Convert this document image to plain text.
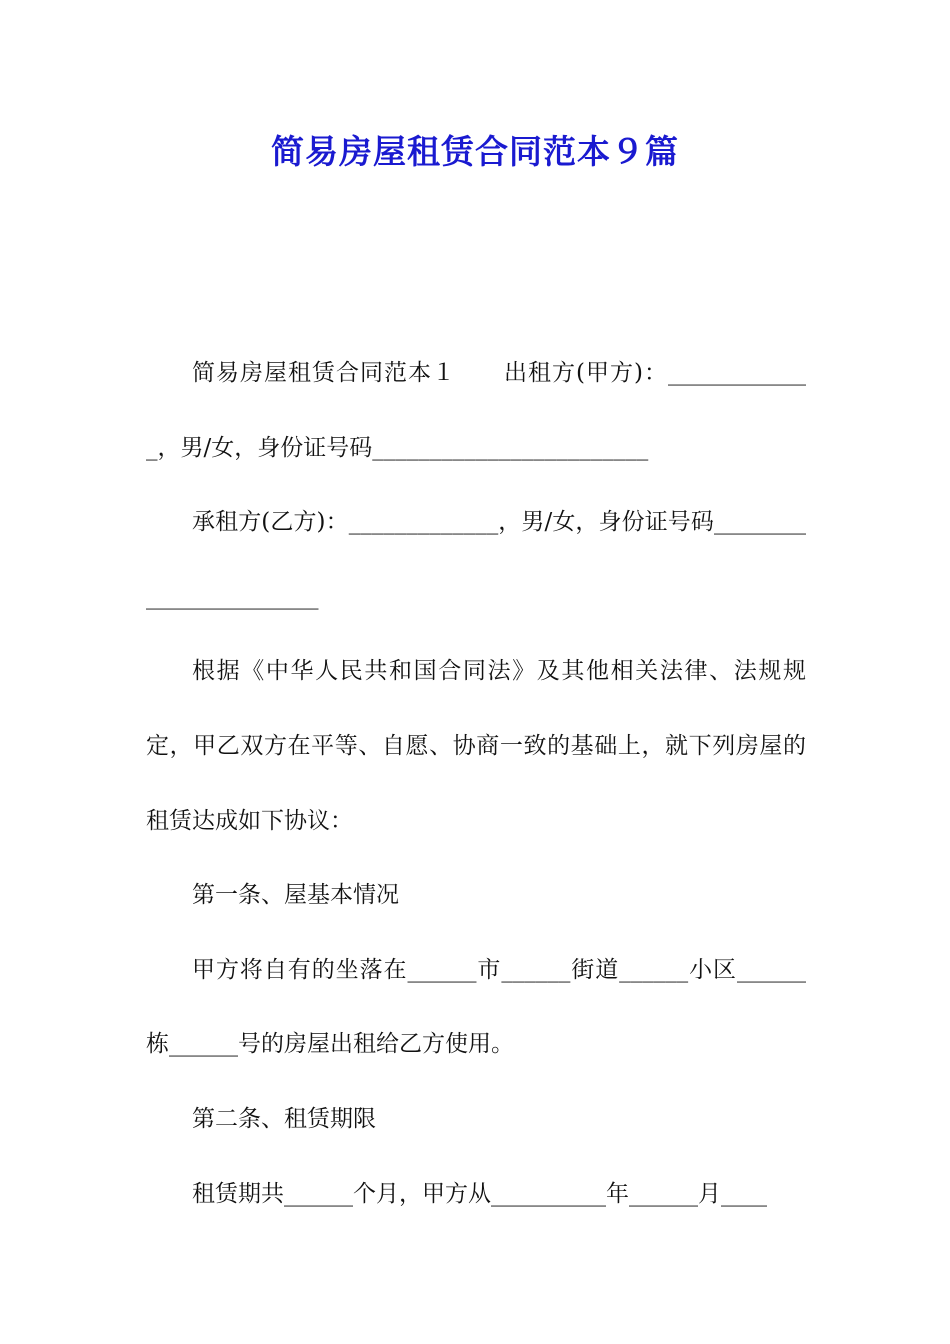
简易房屋租赁合同范本９篇

简易房屋租赁合同范本１　　出租方(甲方)：_____________，男/女，身份证号码________________________

承租方(乙方)：_____________，男/女，身份证号码_______________________

根据《中华人民共和国合同法》及其他相关法律、法规规定，甲乙双方在平等、自愿、协商一致的基础上，就下列房屋的租赁达成如下协议：

第一条、屋基本情况

甲方将自有的坐落在______市______街道______小区______栋______号的房屋出租给乙方使用。

第二条、租赁期限

租赁期共______个月，甲方从__________年______月____
